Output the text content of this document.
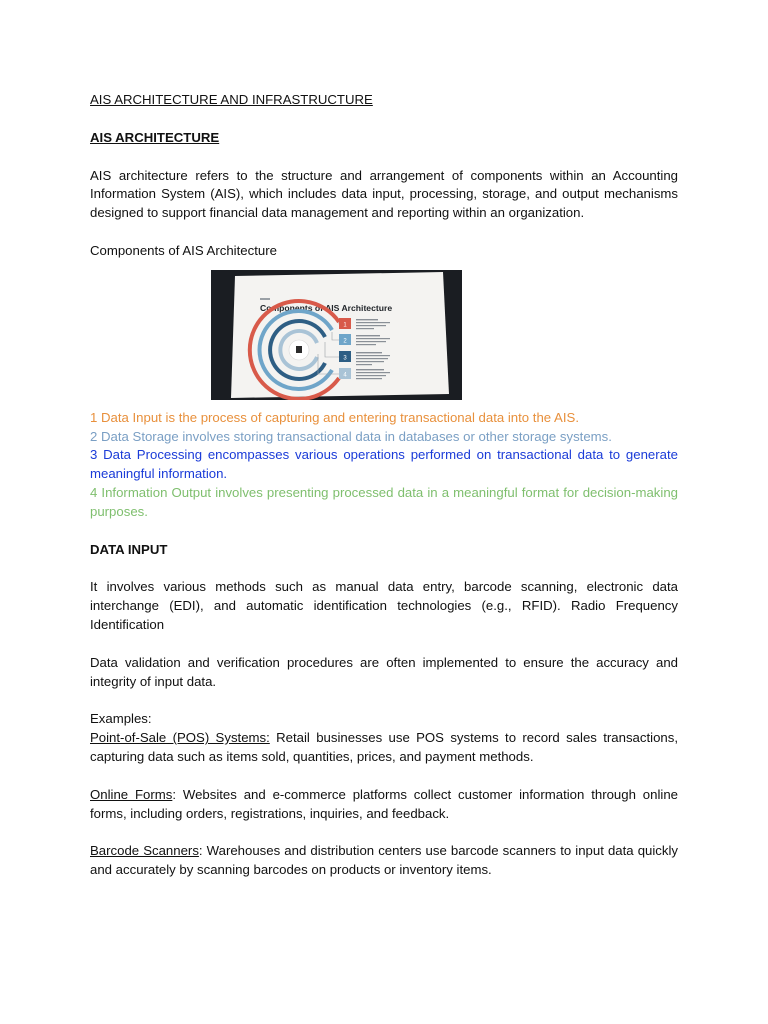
AIS ARCHITECTURE AND INFRASTRUCTURE

AIS ARCHITECTURE

AIS architecture refers to the structure and arrangement of components within an Accounting Information System (AIS), which includes data input, processing, storage, and output mechanisms designed to support financial data management and reporting within an organization.

Components of AIS Architecture

Components of AIS Architecture
1
2
3
4

1 Data Input is the process of capturing and entering transactional data into the AIS.

2 Data Storage involves storing transactional data in databases or other storage systems.

3 Data Processing encompasses various operations performed on transactional data to generate meaningful information.

4 Information Output involves presenting processed data in a meaningful format for decision-making purposes.

DATA INPUT

It involves various methods such as manual data entry, barcode scanning, electronic data interchange (EDI), and automatic identification technologies (e.g., RFID). Radio Frequency Identification

Data validation and verification procedures are often implemented to ensure the accuracy and integrity of input data.

Examples:

Point-of-Sale (POS) Systems: Retail businesses use POS systems to record sales transactions, capturing data such as items sold, quantities, prices, and payment methods.

Online Forms: Websites and e-commerce platforms collect customer information through online forms, including orders, registrations, inquiries, and feedback.

Barcode Scanners: Warehouses and distribution centers use barcode scanners to input data quickly and accurately by scanning barcodes on products or inventory items.
